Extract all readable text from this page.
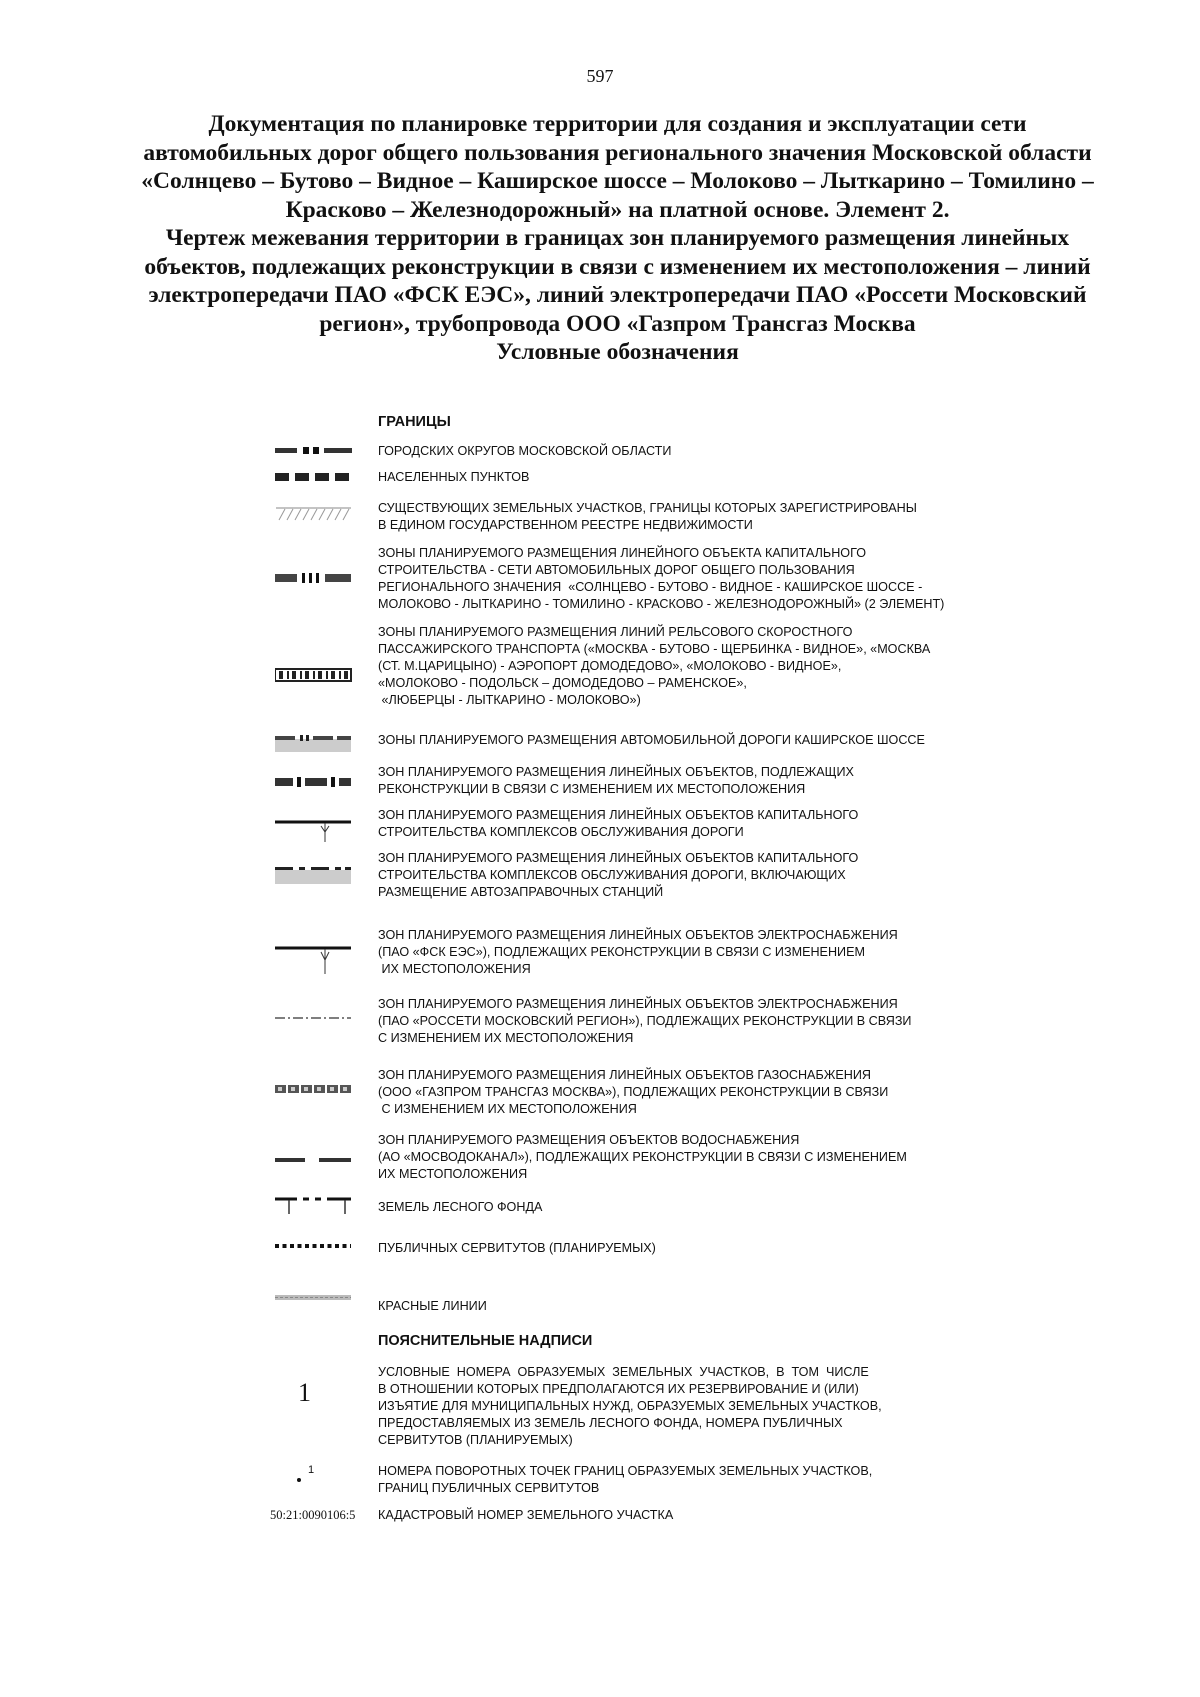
597
Документация по планировке территории для создания и эксплуатации сети
автомобильных дорог общего пользования регионального значения Московской области
«Солнцево – Бутово – Видное – Каширское шоссе – Молоково – Лыткарино – Томилино –
Красково – Железнодорожный» на платной основе. Элемент 2.
Чертеж межевания территории в границах зон планируемого размещения линейных
объектов, подлежащих реконструкции в связи с изменением их местоположения – линий
электропередачи ПАО «ФСК ЕЭС», линий электропередачи ПАО «Россети Московский
регион», трубопровода ООО «Газпром Трансгаз Москва
Условные обозначения
ГРАНИЦЫ
ГОРОДСКИХ ОКРУГОВ МОСКОВСКОЙ ОБЛАСТИ
НАСЕЛЕННЫХ ПУНКТОВ
СУЩЕСТВУЮЩИХ ЗЕМЕЛЬНЫХ УЧАСТКОВ, ГРАНИЦЫ КОТОРЫХ ЗАРЕГИСТРИРОВАНЫ
В ЕДИНОМ ГОСУДАРСТВЕННОМ РЕЕСТРЕ НЕДВИЖИМОСТИ
ЗОНЫ ПЛАНИРУЕМОГО РАЗМЕЩЕНИЯ ЛИНЕЙНОГО ОБЪЕКТА КАПИТАЛЬНОГО
СТРОИТЕЛЬСТВА - СЕТИ АВТОМОБИЛЬНЫХ ДОРОГ ОБЩЕГО ПОЛЬЗОВАНИЯ
РЕГИОНАЛЬНОГО ЗНАЧЕНИЯ  «СОЛНЦЕВО - БУТОВО - ВИДНОЕ - КАШИРСКОЕ ШОССЕ -
МОЛОКОВО - ЛЫТКАРИНО - ТОМИЛИНО - КРАСКОВО - ЖЕЛЕЗНОДОРОЖНЫЙ» (2 ЭЛЕМЕНТ)
ЗОНЫ ПЛАНИРУЕМОГО РАЗМЕЩЕНИЯ ЛИНИЙ РЕЛЬСОВОГО СКОРОСТНОГО
ПАССАЖИРСКОГО ТРАНСПОРТА («МОСКВА - БУТОВО - ЩЕРБИНКА - ВИДНОЕ», «МОСКВА
(СТ. М.ЦАРИЦЫНО) - АЭРОПОРТ ДОМОДЕДОВО», «МОЛОКОВО - ВИДНОЕ»,
«МОЛОКОВО - ПОДОЛЬСК – ДОМОДЕДОВО – РАМЕНСКОЕ»,
«ЛЮБЕРЦЫ - ЛЫТКАРИНО - МОЛОКОВО»)
ЗОНЫ ПЛАНИРУЕМОГО РАЗМЕЩЕНИЯ АВТОМОБИЛЬНОЙ ДОРОГИ КАШИРСКОЕ ШОССЕ
ЗОН ПЛАНИРУЕМОГО РАЗМЕЩЕНИЯ ЛИНЕЙНЫХ ОБЪЕКТОВ, ПОДЛЕЖАЩИХ
РЕКОНСТРУКЦИИ В СВЯЗИ С ИЗМЕНЕНИЕМ ИХ МЕСТОПОЛОЖЕНИЯ
ЗОН ПЛАНИРУЕМОГО РАЗМЕЩЕНИЯ ЛИНЕЙНЫХ ОБЪЕКТОВ КАПИТАЛЬНОГО
СТРОИТЕЛЬСТВА КОМПЛЕКСОВ ОБСЛУЖИВАНИЯ ДОРОГИ
ЗОН ПЛАНИРУЕМОГО РАЗМЕЩЕНИЯ ЛИНЕЙНЫХ ОБЪЕКТОВ КАПИТАЛЬНОГО
СТРОИТЕЛЬСТВА КОМПЛЕКСОВ ОБСЛУЖИВАНИЯ ДОРОГИ, ВКЛЮЧАЮЩИХ
РАЗМЕЩЕНИЕ АВТОЗАПРАВОЧНЫХ СТАНЦИЙ
ЗОН ПЛАНИРУЕМОГО РАЗМЕЩЕНИЯ ЛИНЕЙНЫХ ОБЪЕКТОВ ЭЛЕКТРОСНАБЖЕНИЯ
(ПАО «ФСК ЕЭС»), ПОДЛЕЖАЩИХ РЕКОНСТРУКЦИИ В СВЯЗИ С ИЗМЕНЕНИЕМ
ИХ МЕСТОПОЛОЖЕНИЯ
ЗОН ПЛАНИРУЕМОГО РАЗМЕЩЕНИЯ ЛИНЕЙНЫХ ОБЪЕКТОВ ЭЛЕКТРОСНАБЖЕНИЯ
(ПАО «РОССЕТИ МОСКОВСКИЙ РЕГИОН»), ПОДЛЕЖАЩИХ РЕКОНСТРУКЦИИ В СВЯЗИ
С ИЗМЕНЕНИЕМ ИХ МЕСТОПОЛОЖЕНИЯ
ЗОН ПЛАНИРУЕМОГО РАЗМЕЩЕНИЯ ЛИНЕЙНЫХ ОБЪЕКТОВ ГАЗОСНАБЖЕНИЯ
(ООО «ГАЗПРОМ ТРАНСГАЗ МОСКВА»), ПОДЛЕЖАЩИХ РЕКОНСТРУКЦИИ В СВЯЗИ
С ИЗМЕНЕНИЕМ ИХ МЕСТОПОЛОЖЕНИЯ
ЗОН ПЛАНИРУЕМОГО РАЗМЕЩЕНИЯ ОБЪЕКТОВ ВОДОСНАБЖЕНИЯ
(АО «МОСВОДОКАНАЛ»), ПОДЛЕЖАЩИХ РЕКОНСТРУКЦИИ В СВЯЗИ С ИЗМЕНЕНИЕМ
ИХ МЕСТОПОЛОЖЕНИЯ
ЗЕМЕЛЬ ЛЕСНОГО ФОНДА
ПУБЛИЧНЫХ СЕРВИТУТОВ (ПЛАНИРУЕМЫХ)
КРАСНЫЕ ЛИНИИ
ПОЯСНИТЕЛЬНЫЕ НАДПИСИ
1
УСЛОВНЫЕ  НОМЕРА  ОБРАЗУЕМЫХ  ЗЕМЕЛЬНЫХ  УЧАСТКОВ,  В  ТОМ  ЧИСЛЕ
В ОТНОШЕНИИ КОТОРЫХ ПРЕДПОЛАГАЮТСЯ ИХ РЕЗЕРВИРОВАНИЕ И (ИЛИ)
ИЗЪЯТИЕ ДЛЯ МУНИЦИПАЛЬНЫХ НУЖД, ОБРАЗУЕМЫХ ЗЕМЕЛЬНЫХ УЧАСТКОВ,
ПРЕДОСТАВЛЯЕМЫХ ИЗ ЗЕМЕЛЬ ЛЕСНОГО ФОНДА, НОМЕРА ПУБЛИЧНЫХ
СЕРВИТУТОВ (ПЛАНИРУЕМЫХ)
1	НОМЕРА ПОВОРОТНЫХ ТОЧЕК ГРАНИЦ ОБРАЗУЕМЫХ ЗЕМЕЛЬНЫХ УЧАСТКОВ,
ГРАНИЦ ПУБЛИЧНЫХ СЕРВИТУТОВ
50:21:0090106:5 КАДАСТРОВЫЙ НОМЕР ЗЕМЕЛЬНОГО УЧАСТКА
